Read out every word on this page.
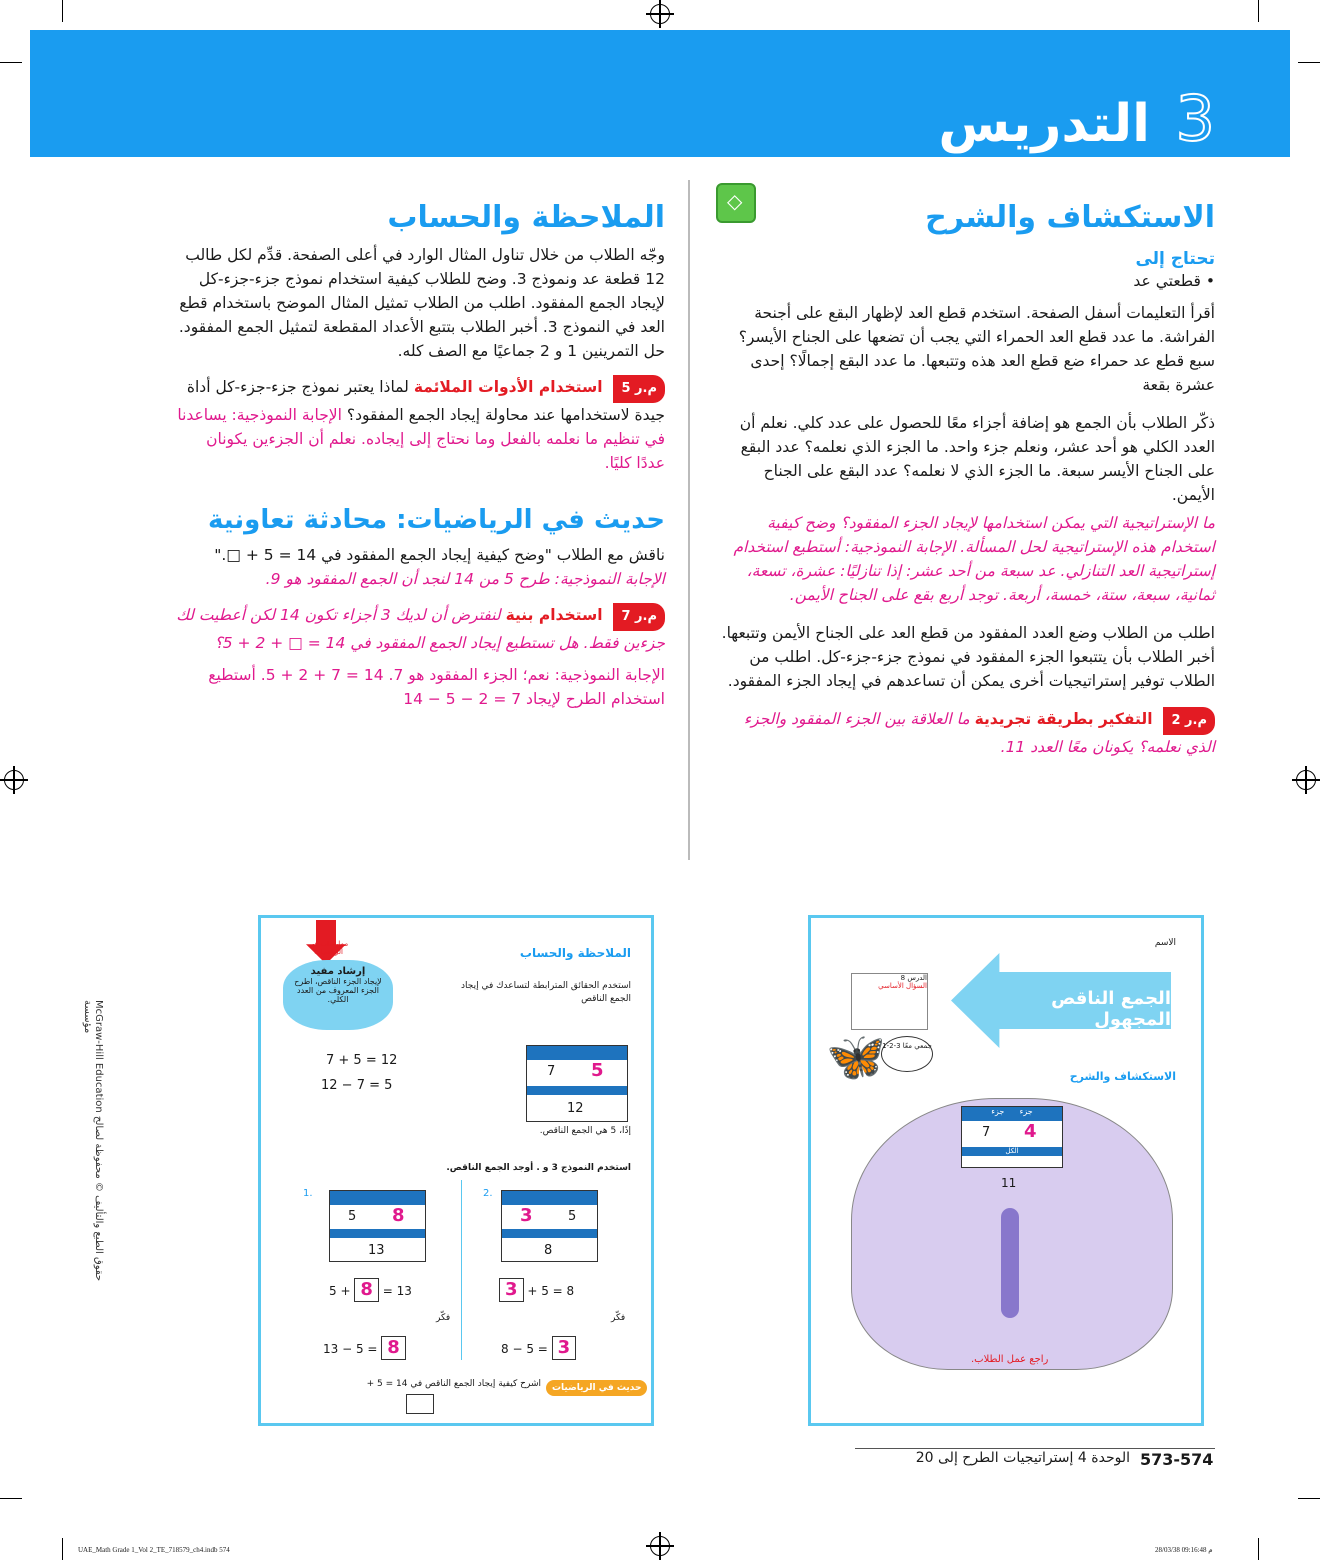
3
التدريس
◇
الاستكشاف والشرح
تحتاج إلى
• قطعتي عد
أقرأ التعليمات أسفل الصفحة. استخدم قطع العد لإظهار البقع على أجنحة الفراشة. ما عدد قطع العد الحمراء التي يجب أن تضعها على الجناح الأيسر؟ سبع قطع عد حمراء ضع قطع العد هذه وتتبعها. ما عدد البقع إجمالًا؟ إحدى عشرة بقعة
ذكّر الطلاب بأن الجمع هو إضافة أجزاء معًا للحصول على عدد كلي. نعلم أن العدد الكلي هو أحد عشر، ونعلم جزء واحد. ما الجزء الذي نعلمه؟ عدد البقع على الجناح الأيسر سبعة. ما الجزء الذي لا نعلمه؟ عدد البقع على الجناح الأيمن.
ما الإستراتيجية التي يمكن استخدامها لإيجاد الجزء المفقود؟ وضح كيفية استخدام هذه الإستراتيجية لحل المسألة. الإجابة النموذجية: أستطيع استخدام إستراتيجية العد التنازلي. عد سبعة من أحد عشر: إذا تنازليًا: عشرة، تسعة، ثمانية، سبعة، ستة، خمسة، أربعة. توجد أربع بقع على الجناح الأيمن.
اطلب من الطلاب وضع العدد المفقود من قطع العد على الجناح الأيمن وتتبعها. أخبر الطلاب بأن يتتبعوا الجزء المفقود في نموذج جزء-جزء-كل. اطلب من الطلاب توفير إستراتيجيات أخرى يمكن أن تساعدهم في إيجاد الجزء المفقود.
م.ر 2 التفكير بطريقة تجريدية ما العلاقة بين الجزء المفقود والجزء الذي نعلمه؟ يكونان معًا العدد 11.
الملاحظة والحساب
وجّه الطلاب من خلال تناول المثال الوارد في أعلى الصفحة. قدِّم لكل طالب 12 قطعة عد ونموذج 3. وضح للطلاب كيفية استخدام نموذج جزء-جزء-كل لإيجاد الجمع المفقود. اطلب من الطلاب تمثيل المثال الموضح باستخدام قطع العد في النموذج 3. أخبر الطلاب بتتبع الأعداد المقطعة لتمثيل الجمع المفقود. حل التمرينين 1 و 2 جماعيًا مع الصف كله.
م.ر 5 استخدام الأدوات الملائمة لماذا يعتبر نموذج جزء-جزء-كل أداة جيدة لاستخدامها عند محاولة إيجاد الجمع المفقود؟ الإجابة النموذجية: يساعدنا في تنظيم ما نعلمه بالفعل وما نحتاج إلى إيجاده. نعلم أن الجزءين يكونان عددًا كليًا.
حديث في الرياضيات: محادثة تعاونية
ناقش مع الطلاب "وضح كيفية إيجاد الجمع المفقود في 14 = 5 + □."
الإجابة النموذجية: طرح 5 من 14 لنجد أن الجمع المفقود هو 9.
م.ر 7 استخدام بنية لنفترض أن لديك 3 أجزاء تكون 14 لكن أعطيت لك جزءين فقط. هل تستطيع إيجاد الجمع المفقود في 14 = □ + 2 + 5؟
الإجابة النموذجية: نعم؛ الجزء المفقود هو 7. 14 = 7 + 2 + 5. أستطيع استخدام الطرح لإيجاد 7 = 2 − 5 − 14
الاسم
الجمع الناقص المجهول
الدرس 8
السؤال الأساسي
1-2-3 جمعي معًا
🦋	الاستكشاف والشرح
جزء      جزء
7 4
الكل
11
راجع عمل الطلاب.
الملاحظة والحساب
ممارسات في الرياضيات
إرشاد مفيد
لإيجاد الجزء الناقص، اطرح الجزء المعروف من العدد الكلي.
استخدم الحقائق المترابطة لتساعدك في إيجاد الجمع الناقص
7 5
12
7 + 5 = 12
12 − 7 = 5
إذًا، 5 هي الجمع الناقص.
استخدم النموذج 3 و . أوجد الجمع الناقص.
1.
5 8
13
5 + 8 = 13
فكّر
13 − 5 = 8
2.
3	5
8
3 + 5 = 8
فكّر
8 − 5 = 3
حديث في الرياضيات
اشرح كيفية إيجاد الجمع الناقص في 14 = 5 +
McGraw-Hill Education حقوق الطبع والتأليف © محفوظة لصالح مؤسسة
573-574
الوحدة 4 إستراتيجيات الطرح إلى 20
UAE_Math Grade 1_Vol 2_TE_718579_ch4.indb 574	28/03/38 09:16:48 م
